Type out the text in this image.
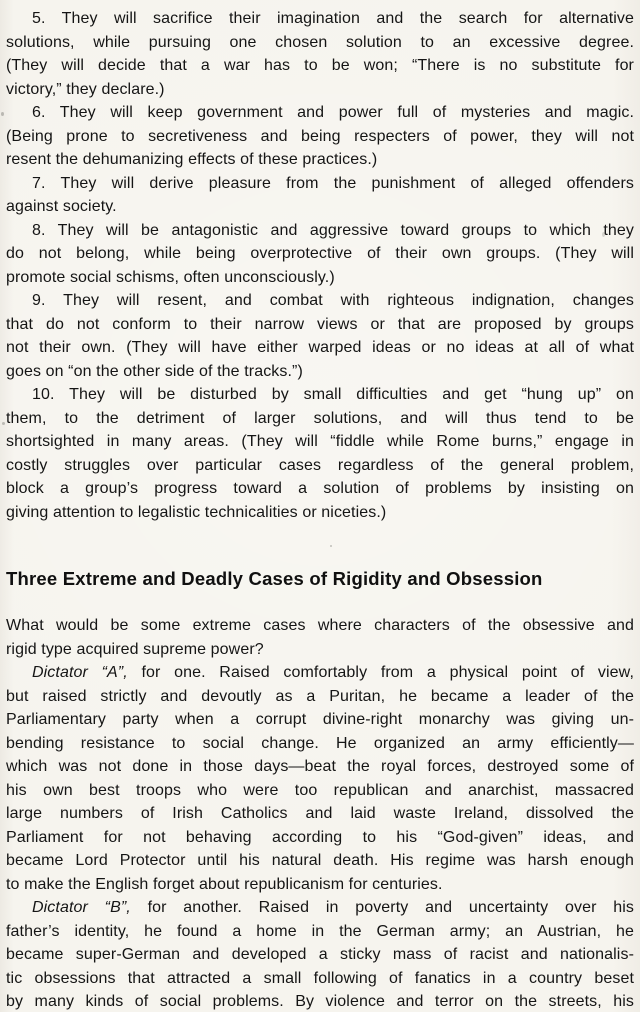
5. They will sacrifice their imagination and the search for alternative
solutions, while pursuing one chosen solution to an excessive degree.
(They will decide that a war has to be won; “There is no substitute for
victory,” they declare.)
6. They will keep government and power full of mysteries and magic.
(Being prone to secretiveness and being respecters of power, they will not
resent the dehumanizing effects of these practices.)
7. They will derive pleasure from the punishment of alleged offenders
against society.
8. They will be antagonistic and aggressive toward groups to which they
do not belong, while being overprotective of their own groups. (They will
promote social schisms, often unconsciously.)
9. They will resent, and combat with righteous indignation, changes
that do not conform to their narrow views or that are proposed by groups
not their own. (They will have either warped ideas or no ideas at all of what
goes on “on the other side of the tracks.”)
10. They will be disturbed by small difficulties and get “hung up” on
them, to the detriment of larger solutions, and will thus tend to be
shortsighted in many areas. (They will “fiddle while Rome burns,” engage in
costly struggles over particular cases regardless of the general problem,
block a group’s progress toward a solution of problems by insisting on
giving attention to legalistic technicalities or niceties.)
Three Extreme and Deadly Cases of Rigidity and Obsession
What would be some extreme cases where characters of the obsessive and
rigid type acquired supreme power?
Dictator “A”, for one. Raised comfortably from a physical point of view,
but raised strictly and devoutly as a Puritan, he became a leader of the
Parliamentary party when a corrupt divine-right monarchy was giving un-
bending resistance to social change. He organized an army efficiently—
which was not done in those days—beat the royal forces, destroyed some of
his own best troops who were too republican and anarchist, massacred
large numbers of Irish Catholics and laid waste Ireland, dissolved the
Parliament for not behaving according to his “God-given” ideas, and
became Lord Protector until his natural death. His regime was harsh enough
to make the English forget about republicanism for centuries.
Dictator “B”, for another. Raised in poverty and uncertainty over his
father’s identity, he found a home in the German army; an Austrian, he
became super-German and developed a sticky mass of racist and nationalis-
tic obsessions that attracted a small following of fanatics in a country beset
by many kinds of social problems. By violence and terror on the streets, his
